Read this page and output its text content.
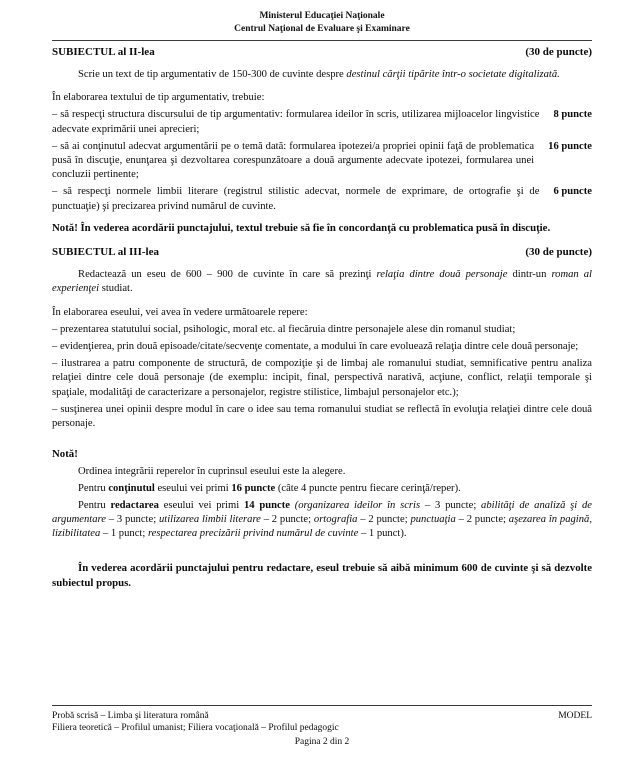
Ministerul Educaţiei Naţionale
Centrul Naţional de Evaluare şi Examinare
SUBIECTUL al II-lea	(30 de puncte)

Scrie un text de tip argumentativ de 150-300 de cuvinte despre destinul cărţii tipărite într-o societate digitalizată.

În elaborarea textului de tip argumentativ, trebuie:

– să respecţi structura discursului de tip argumentativ: formularea ideilor în scris, utilizarea mijloacelor lingvistice adecvate exprimării unei aprecieri;
8 puncte
– să ai conţinutul adecvat argumentării pe o temă dată: formularea ipotezei/a propriei opinii faţă de problematica pusă în discuţie, enunţarea şi dezvoltarea corespunzătoare a două argumente adecvate ipotezei, formularea unei concluzii pertinente;
16 puncte
– să respecţi normele limbii literare (registrul stilistic adecvat, normele de exprimare, de ortografie şi de punctuaţie) şi precizarea privind numărul de cuvinte.
6 puncte

Notă! În vederea acordării punctajului, textul trebuie să fie în concordanţă cu problematica pusă în discuţie.

SUBIECTUL al III-lea	(30 de puncte)

Redactează un eseu de 600 – 900 de cuvinte în care să prezinţi relaţia dintre două personaje dintr-un roman al experienţei studiat.

În elaborarea eseului, vei avea în vedere următoarele repere:

– prezentarea statutului social, psihologic, moral etc. al fiecăruia dintre personajele alese din romanul studiat;

– evidenţierea, prin două episoade/citate/secvenţe comentate, a modului în care evoluează relaţia dintre cele două personaje;

– ilustrarea a patru componente de structură, de compoziţie şi de limbaj ale romanului studiat, semnificative pentru analiza relaţiei dintre cele două personaje (de exemplu: incipit, final, perspectivă narativă, acţiune, conflict, relaţii temporale şi spaţiale, modalităţi de caracterizare a personajelor, registre stilistice, limbajul personajelor etc.);

– susţinerea unei opinii despre modul în care o idee sau tema romanului studiat se reflectă în evoluţia relaţiei dintre cele două personaje.

Notă!

Ordinea integrării reperelor în cuprinsul eseului este la alegere.

Pentru conţinutul eseului vei primi 16 puncte (câte 4 puncte pentru fiecare cerinţă/reper).

Pentru redactarea eseului vei primi 14 puncte (organizarea ideilor în scris – 3 puncte; abilităţi de analiză şi de argumentare – 3 puncte; utilizarea limbii literare – 2 puncte; ortografia – 2 puncte; punctuaţia – 2 puncte; aşezarea în pagină, lizibilitatea – 1 punct; respectarea precizării privind numărul de cuvinte – 1 punct).

În vederea acordării punctajului pentru redactare, eseul trebuie să aibă minimum 600 de cuvinte şi să dezvolte subiectul propus.

Probă scrisă – Limba şi literatura română
Filiera teoretică – Profilul umanist; Filiera vocaţională – Profilul pedagogic
MODEL
Pagina 2 din 2
